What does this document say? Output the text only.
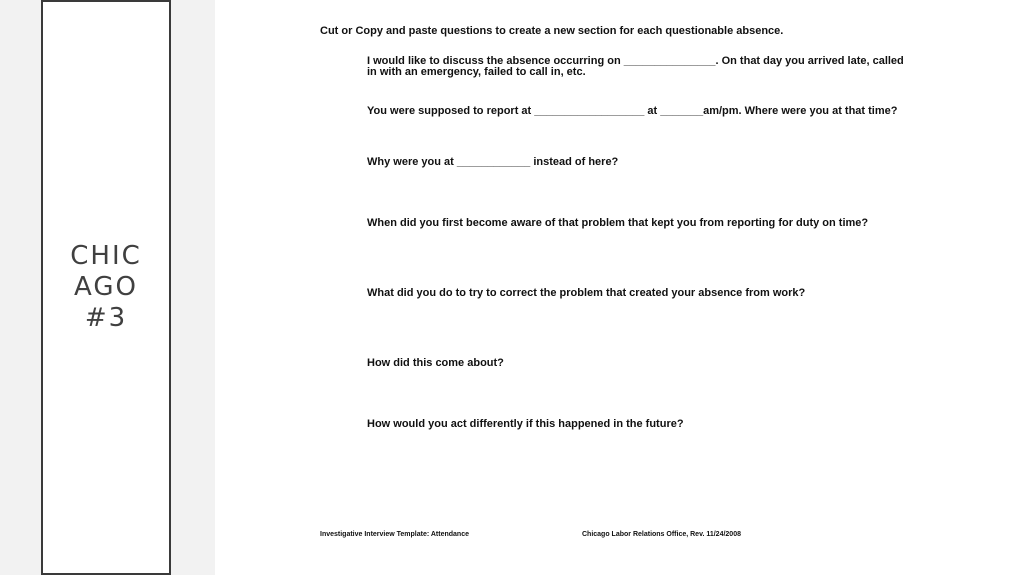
CHICAGO #3
Cut or Copy and paste questions to create a new section for each questionable absence.
I would like to discuss the absence occurring on _______________. On that day you arrived late, called in with an emergency, failed to call in, etc.
You were supposed to report at __________________ at _______am/pm. Where were you at that time?
Why were you at ____________ instead of here?
When did you first become aware of that problem that kept you from reporting for duty on time?
What did you do to try to correct the problem that created your absence from work?
How did this come about?
How would you act differently if this happened in the future?
Investigative Interview Template: Attendance	Chicago Labor Relations Office, Rev. 11/24/2008
